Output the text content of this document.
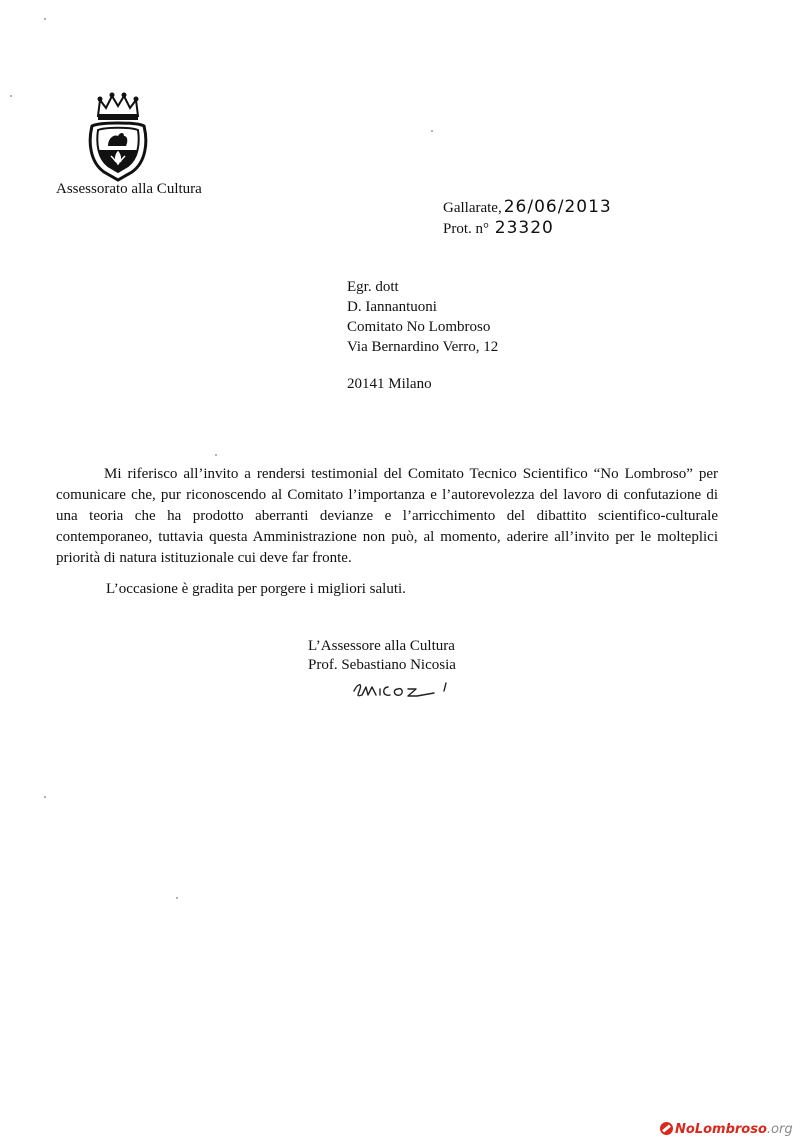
Assessorato alla Cultura
Gallarate, 26/06/2013
Prot. n° 23320
Egr. dott
D. Iannantuoni
Comitato No Lombroso
Via Bernardino Verro, 12
20141 Milano

Mi riferisco all’invito a rendersi testimonial del Comitato Tecnico Scientifico “No Lombroso” per comunicare che, pur riconoscendo al Comitato l’importanza e l’autorevolezza del lavoro di confutazione di una teoria che ha prodotto aberranti devianze e l’arricchimento del dibattito scientifico-culturale contemporaneo, tuttavia questa Amministrazione non può, al momento, aderire all’invito per le molteplici priorità di natura istituzionale cui deve far fronte.

L’occasione è gradita per porgere i migliori saluti.
L’Assessore alla Cultura
Prof. Sebastiano Nicosia
NoLombroso.org
